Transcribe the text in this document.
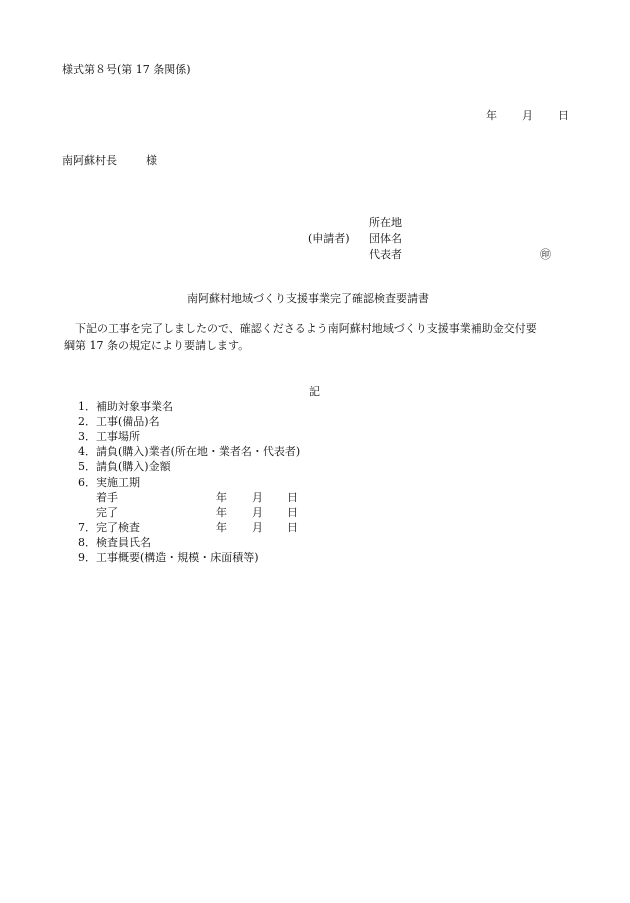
様式第８号(第 17 条関係)
年 月 日
南阿蘇村長	様
所在地
(申請者) 団体名
代表者	㊞
南阿蘇村地域づくり支援事業完了確認検査要請書
下記の工事を完了しましたので、確認くださるよう南阿蘇村地域づくり支援事業補助金交付要
綱第 17 条の規定により要請します。
記
1． 補助対象事業名
2． 工事(備品)名
3． 工事場所
4． 請負(購入)業者(所在地・業者名・代表者)
5． 請負(購入)金額
6． 実施工期
着手	年 月 日
完了	年 月 日
7． 完了検査	年 月 日
8． 検査員氏名
9． 工事概要(構造・規模・床面積等)
